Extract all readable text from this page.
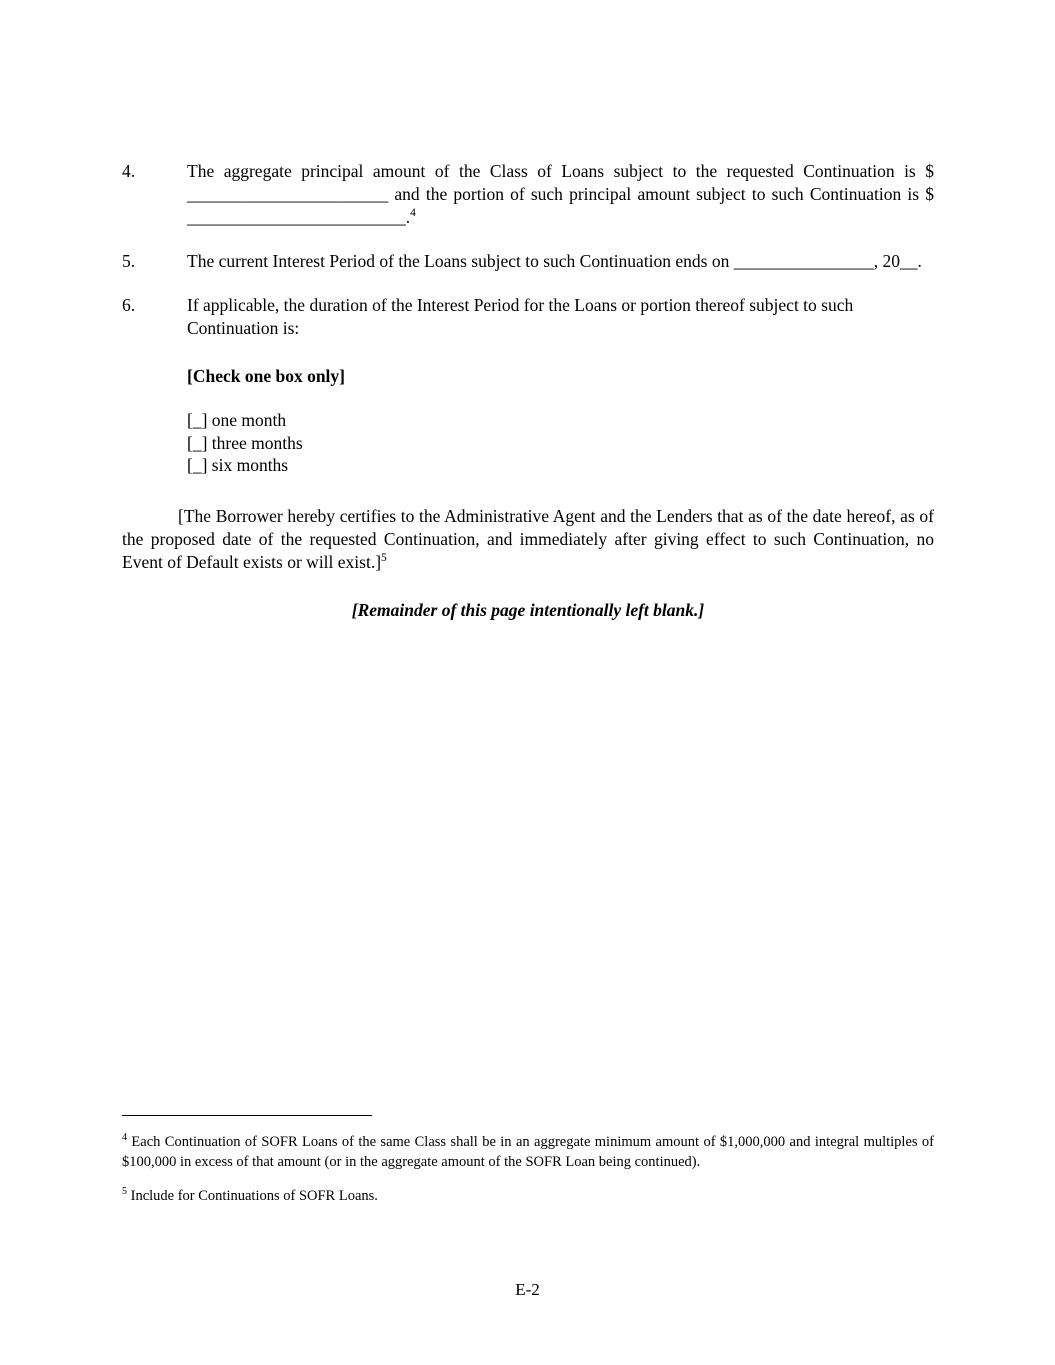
4.	The aggregate principal amount of the Class of Loans subject to the requested Continuation is $ _______________________ and the portion of such principal amount subject to such Continuation is $ _________________________.$^4$
5.	The current Interest Period of the Loans subject to such Continuation ends on ________________, 20__.
6.	If applicable, the duration of the Interest Period for the Loans or portion thereof subject to such Continuation is:
[Check one box only]
[_] one month
[_] three months
[_] six months
[The Borrower hereby certifies to the Administrative Agent and the Lenders that as of the date hereof, as of the proposed date of the requested Continuation, and immediately after giving effect to such Continuation, no Event of Default exists or will exist.]$^5$
[Remainder of this page intentionally left blank.]
$^4$ Each Continuation of SOFR Loans of the same Class shall be in an aggregate minimum amount of $1,000,000 and integral multiples of $100,000 in excess of that amount (or in the aggregate amount of the SOFR Loan being continued).
$^5$ Include for Continuations of SOFR Loans.
E-2
